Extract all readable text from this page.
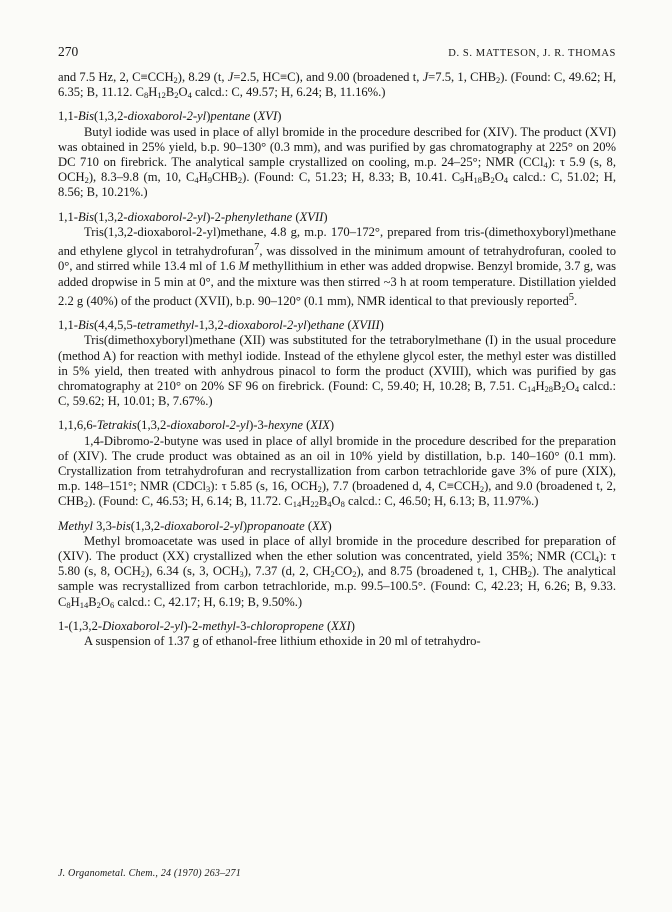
270	D. S. MATTESON, J. R. THOMAS

and 7.5 Hz, 2, $C\equiv CCH_2$), 8.29 (t, J=2.5, HC≡C), and 9.00 (broadened t, J=7.5, 1, $CHB_2$). (Found: C, 49.62; H, 6.35; B, 11.12. $C_8H_{12}B_2O_4$ calcd.: C, 49.57; H, 6.24; B, 11.16%.)

1,1-Bis(1,3,2-dioxaborol-2-yl)pentane (XVI)

Butyl iodide was used in place of allyl bromide in the procedure described for (XIV). The product (XVI) was obtained in 25% yield, b.p. 90–130° (0.3 mm), and was purified by gas chromatography at 225° on 20% DC 710 on firebrick. The analytical sample crystallized on cooling, m.p. 24–25°; NMR (CCl$_4$): τ 5.9 (s, 8, $OCH_2$), 8.3–9.8 (m, 10, $C_4H_9CHB_2$). (Found: C, 51.23; H, 8.33; B, 10.41. $C_9H_{18}B_2O_4$ calcd.: C, 51.02; H, 8.56; B, 10.21%.)

1,1-Bis(1,3,2-dioxaborol-2-yl)-2-phenylethane (XVII)

Tris(1,3,2-dioxaborol-2-yl)methane, 4.8 g, m.p. 170–172°, prepared from tris-(dimethoxyboryl)methane and ethylene glycol in tetrahydrofuran$^7$, was dissolved in the minimum amount of tetrahydrofuran, cooled to 0°, and stirred while 13.4 ml of 1.6 M methyllithium in ether was added dropwise. Benzyl bromide, 3.7 g, was added dropwise in 5 min at 0°, and the mixture was then stirred ~3 h at room temperature. Distillation yielded 2.2 g (40%) of the product (XVII), b.p. 90–120° (0.1 mm), NMR identical to that previously reported$^5$.

1,1-Bis(4,4,5,5-tetramethyl-1,3,2-dioxaborol-2-yl)ethane (XVIII)

Tris(dimethoxyboryl)methane (XII) was substituted for the tetraborylmethane (I) in the usual procedure (method A) for reaction with methyl iodide. Instead of the ethylene glycol ester, the methyl ester was distilled in 5% yield, then treated with anhydrous pinacol to form the product (XVIII), which was purified by gas chromatography at 210° on 20% SF 96 on firebrick. (Found: C, 59.40; H, 10.28; B, 7.51. $C_{14}H_{28}B_2O_4$ calcd.: C, 59.62; H, 10.01; B, 7.67%.)

1,1,6,6-Tetrakis(1,3,2-dioxaborol-2-yl)-3-hexyne (XIX)

1,4-Dibromo-2-butyne was used in place of allyl bromide in the procedure described for the preparation of (XIV). The crude product was obtained as an oil in 10% yield by distillation, b.p. 140–160° (0.1 mm). Crystallization from tetrahydrofuran and recrystallization from carbon tetrachloride gave 3% of pure (XIX), m.p. 148–151°; NMR (CDCl$_3$): τ 5.85 (s, 16, $OCH_2$), 7.7 (broadened d, 4, $C\equiv CCH_2$), and 9.0 (broadened t, 2, $CHB_2$). (Found: C, 46.53; H, 6.14; B, 11.72. $C_{14}H_{22}B_4O_8$ calcd.: C, 46.50; H, 6.13; B, 11.97%.)

Methyl 3,3-bis(1,3,2-dioxaborol-2-yl)propanoate (XX)

Methyl bromoacetate was used in place of allyl bromide in the procedure described for preparation of (XIV). The product (XX) crystallized when the ether solution was concentrated, yield 35%; NMR (CCl$_4$): τ 5.80 (s, 8, $OCH_2$), 6.34 (s, 3, $OCH_3$), 7.37 (d, 2, $CH_2CO_2$), and 8.75 (broadened t, 1, $CHB_2$). The analytical sample was recrystallized from carbon tetrachloride, m.p. 99.5–100.5°. (Found: C, 42.23; H, 6.26; B, 9.33. $C_8H_{14}B_2O_6$ calcd.: C, 42.17; H, 6.19; B, 9.50%.)

1-(1,3,2-Dioxaborol-2-yl)-2-methyl-3-chloropropene (XXI)

A suspension of 1.37 g of ethanol-free lithium ethoxide in 20 ml of tetrahydro-

J. Organometal. Chem., 24 (1970) 263–271
